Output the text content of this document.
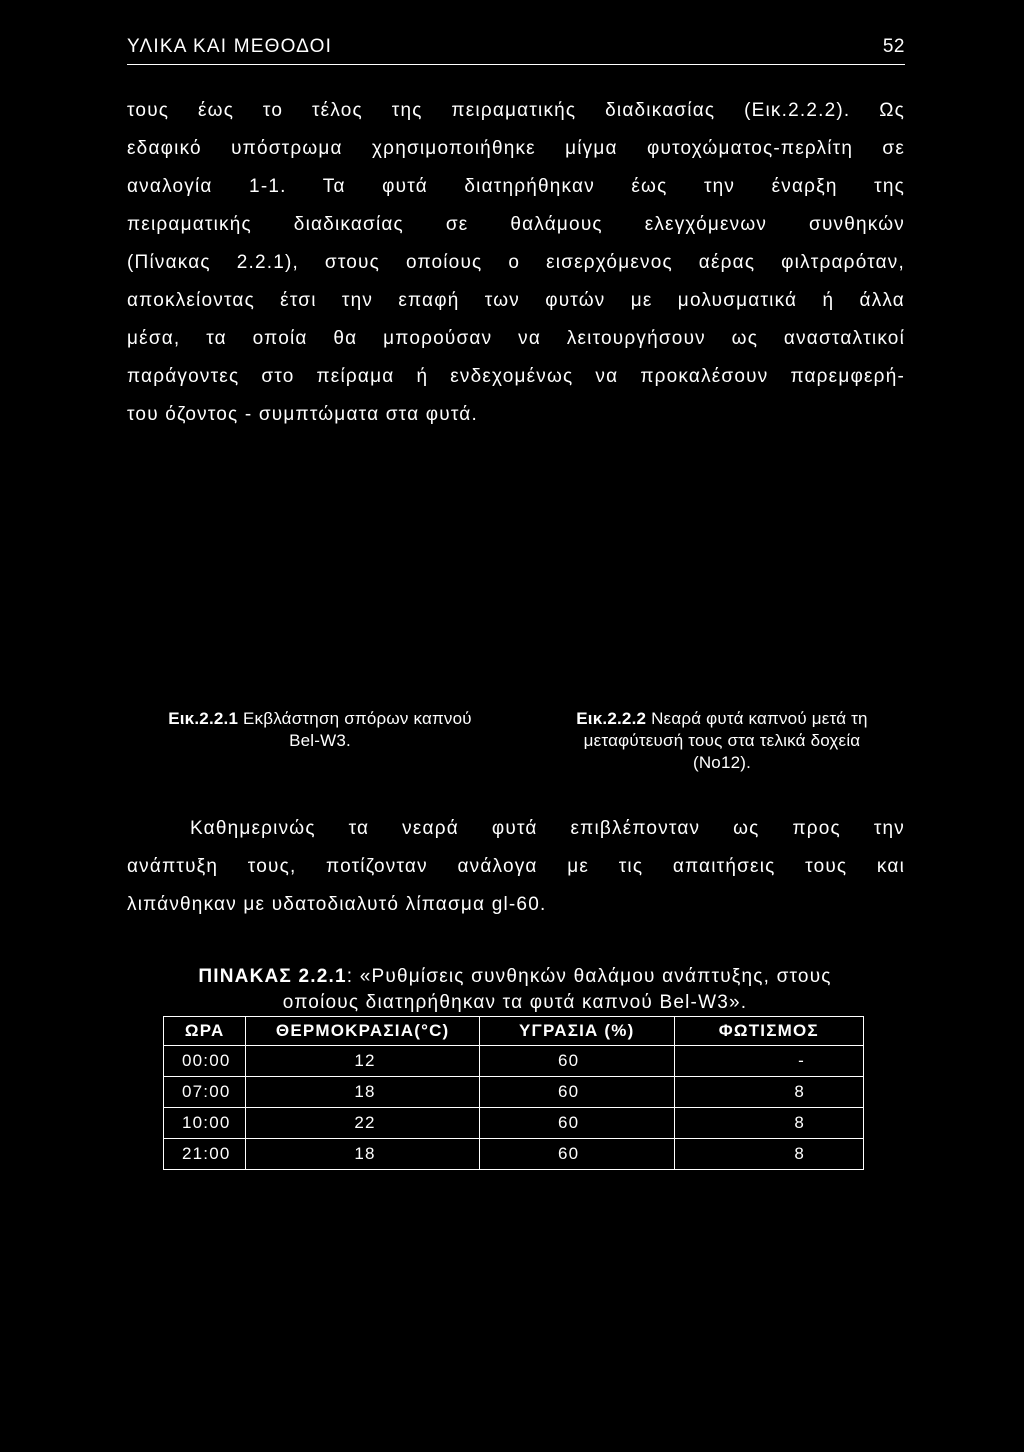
ΥΛΙΚΑ ΚΑΙ ΜΕΘΟΔΟΙ	52
τους έως το τέλος της πειραματικής διαδικασίας (Εικ.2.2.2). Ως
εδαφικό υπόστρωμα χρησιμοποιήθηκε μίγμα φυτοχώματος-περλίτη σε
αναλογία 1-1. Τα φυτά διατηρήθηκαν έως την έναρξη της
πειραματικής διαδικασίας σε θαλάμους ελεγχόμενων συνθηκών
(Πίνακας 2.2.1), στους οποίους ο εισερχόμενος αέρας φιλτραρόταν,
αποκλείοντας έτσι την επαφή των φυτών με μολυσματικά ή άλλα
μέσα, τα οποία θα μπορούσαν να λειτουργήσουν ως ανασταλτικοί
παράγοντες στο πείραμα ή ενδεχομένως να προκαλέσουν παρεμφερή-
του όζοντος - συμπτώματα στα φυτά.
Εικ.2.2.1 Εκβλάστηση σπόρων καπνού
Bel-W3.
Εικ.2.2.2 Νεαρά φυτά καπνού μετά τη
μεταφύτευσή τους στα τελικά δοχεία
(No12).
Καθημερινώς τα νεαρά φυτά επιβλέπονταν ως προς την
ανάπτυξη τους, ποτίζονταν ανάλογα με τις απαιτήσεις τους και
λιπάνθηκαν με υδατοδιαλυτό λίπασμα gl-60.
ΠΙΝΑΚΑΣ 2.2.1: «Ρυθμίσεις συνθηκών θαλάμου ανάπτυξης, στους
οποίους διατηρήθηκαν τα φυτά καπνού Bel-W3».
ΩΡΑ	ΘΕΡΜΟΚΡΑΣΙΑ(°C)	ΥΓΡΑΣΙΑ (%)	ΦΩΤΙΣΜΟΣ
00:00	12	60	-
07:00	18	60	8
10:00	22	60	8
21:00	18	60	8
